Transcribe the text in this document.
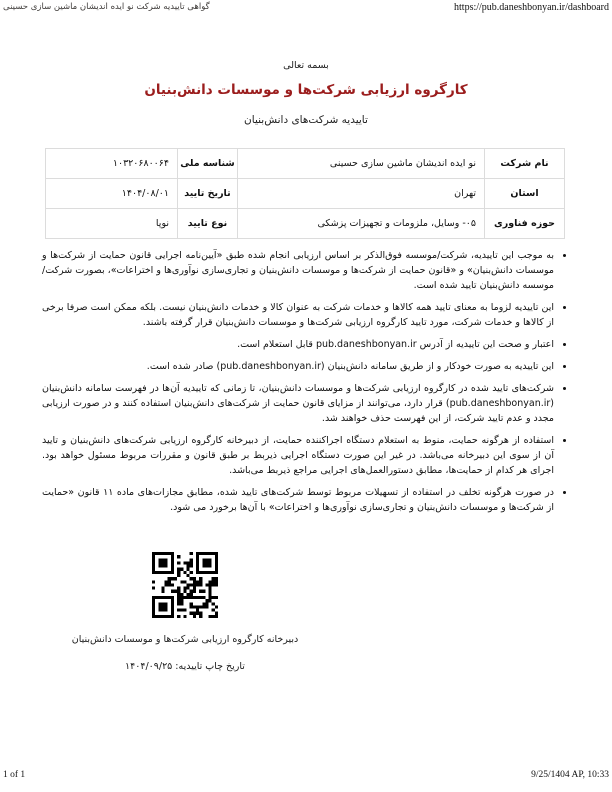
گواهی تاییدیه شرکت نو ایده اندیشان ماشین سازی حسینی	https://pub.daneshbonyan.ir/dashboard
بسمه تعالی
کارگروه ارزیابی شرکت‌ها و موسسات دانش‌بنیان
تاییدیه شرکت‌های دانش‌بنیان
نام شرکت	نو ایده اندیشان ماشین سازی حسینی	شناسه ملی	۱۰۳۲۰۶۸۰۰۶۴
استان	تهران	تاریخ تایید	۱۴۰۴/۰۸/۰۱
حوزه فناوری	۰۵- وسایل، ملزومات و تجهیزات پزشکی	نوع تایید	نوپا
• به موجب این تاییدیه، شرکت/موسسه فوق‌الذکر بر اساس ارزیابی انجام شده طبق «آیین‌نامه اجرایی قانون حمایت از شرکت‌ها و موسسات دانش‌بنیان» و «قانون حمایت از شرکت‌ها و موسسات دانش‌بنیان و تجاری‌سازی نوآوری‌ها و اختراعات»، بصورت شرکت/موسسه دانش‌بنیان تایید شده است.
• این تاییدیه لزوما به معنای تایید همه کالاها و خدمات شرکت به عنوان کالا و خدمات دانش‌بنیان نیست. بلکه ممکن است صرفا برخی از کالاها و خدمات شرکت، مورد تایید کارگروه ارزیابی شرکت‌ها و موسسات دانش‌بنیان قرار گرفته باشند.
• اعتبار و صحت این تاییدیه از آدرس pub.daneshbonyan.ir قابل استعلام است.
• این تاییدیه به صورت خودکار و از طریق سامانه دانش‌بنیان (pub.daneshbonyan.ir) صادر شده است.
• شرکت‌های تایید شده در کارگروه ارزیابی شرکت‌ها و موسسات دانش‌بنیان، تا زمانی که تاییدیه آن‌ها در فهرست سامانه دانش‌بنیان (pub.daneshbonyan.ir) قرار دارد، می‌توانند از مزایای قانون حمایت از شرکت‌های دانش‌بنیان استفاده کنند و در صورت ارزیابی مجدد و عدم تایید شرکت، از این فهرست حذف خواهند شد.
• استفاده از هرگونه حمایت، منوط به استعلام دستگاه اجراکننده حمایت، از دبیرخانه کارگروه ارزیابی شرکت‌های دانش‌بنیان و تایید آن از سوی این دبیرخانه می‌باشد. در غیر این صورت دستگاه اجرایی ذیربط بر طبق قانون و مقررات مربوط مسئول خواهد بود. اجرای هر کدام از حمایت‌ها، مطابق دستورالعمل‌های اجرایی مراجع ذیربط می‌باشد.
• در صورت هرگونه تخلف در استفاده از تسهیلات مربوط توسط شرکت‌های تایید شده، مطابق مجازات‌های ماده ۱۱ قانون «حمایت از شرکت‌ها و موسسات دانش‌بنیان و تجاری‌سازی نوآوری‌ها و اختراعات» با آن‌ها برخورد می شود.
دبیرخانه کارگروه ارزیابی شرکت‌ها و موسسات دانش‌بنیان
تاریخ چاپ تاییدیه: ۱۴۰۴/۰۹/۲۵
1 of 1	9/25/1404 AP, 10:33
